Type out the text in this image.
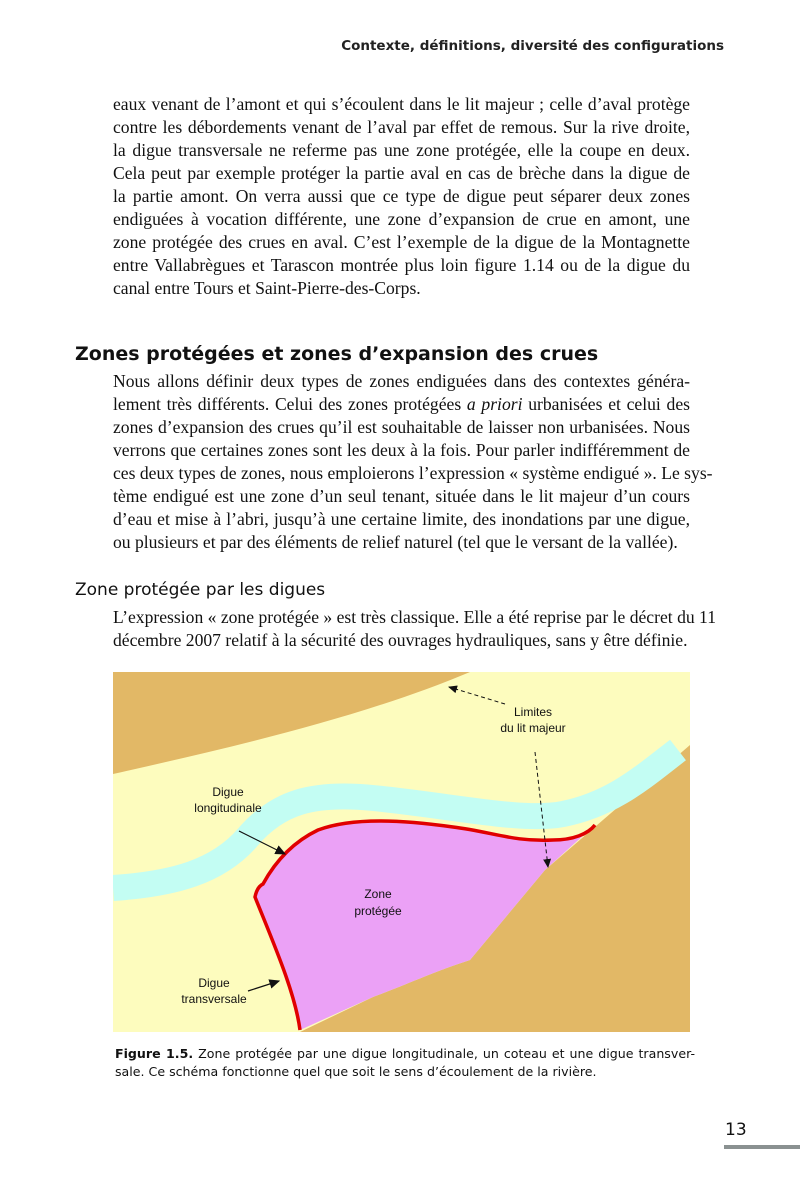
Contexte, définitions, diversité des configurations
eaux venant de l’amont et qui s’écoulent dans le lit majeur ; celle d’aval protège
contre les débordements venant de l’aval par effet de remous. Sur la rive droite,
la digue transversale ne referme pas une zone protégée, elle la coupe en deux.
Cela peut par exemple protéger la partie aval en cas de brèche dans la digue de
la partie amont. On verra aussi que ce type de digue peut séparer deux zones
endiguées à vocation différente, une zone d’expansion de crue en amont, une
zone protégée des crues en aval. C’est l’exemple de la digue de la Montagnette
entre Vallabrègues et Tarascon montrée plus loin figure 1.14 ou de la digue du
canal entre Tours et Saint-Pierre-des-Corps.
Zones protégées et zones d’expansion des crues
Nous allons définir deux types de zones endiguées dans des contextes généra-
lement très différents. Celui des zones protégées a priori urbanisées et celui des
zones d’expansion des crues qu’il est souhaitable de laisser non urbanisées. Nous
verrons que certaines zones sont les deux à la fois. Pour parler indifféremment de
ces deux types de zones, nous emploierons l’expression « système endigué ». Le sys-
tème endigué est une zone d’un seul tenant, située dans le lit majeur d’un cours
d’eau et mise à l’abri, jusqu’à une certaine limite, des inondations par une digue,
ou plusieurs et par des éléments de relief naturel (tel que le versant de la vallée).
Zone protégée par les digues
L’expression « zone protégée » est très classique. Elle a été reprise par le décret du 11
décembre 2007 relatif à la sécurité des ouvrages hydrauliques, sans y être définie.
Limites
du lit majeur
Digue
longitudinale
Zone
protégée
Digue
transversale
Figure 1.5. Zone protégée par une digue longitudinale, un coteau et une digue transver-
sale. Ce schéma fonctionne quel que soit le sens d’écoulement de la rivière.
13
